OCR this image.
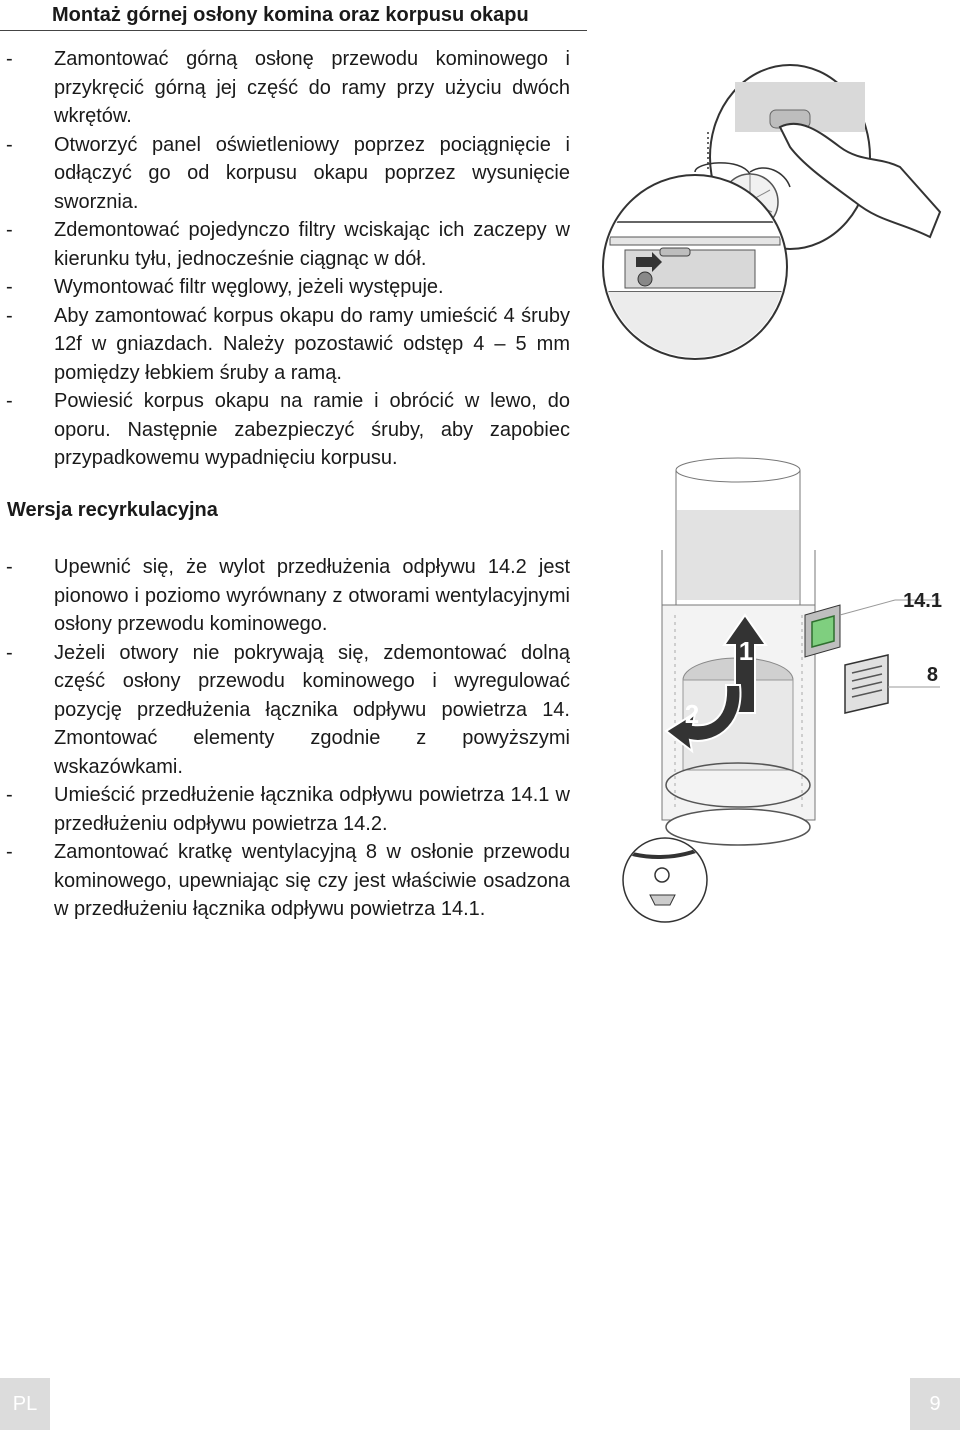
Montaż górnej osłony komina oraz korpusu okapu
- Zamontować górną osłonę przewodu kominowego i przykręcić górną jej część do ramy przy użyciu dwóch wkrętów.
- Otworzyć panel oświetleniowy poprzez pociągnięcie i odłączyć go od korpusu okapu poprzez wysunięcie sworznia.
- Zdemontować pojedynczo filtry wciskając ich zaczepy w kierunku tyłu, jednocześnie ciągnąc w dół.
- Wymontować filtr węglowy, jeżeli występuje.
- Aby zamontować korpus okapu do ramy umieścić 4 śruby 12f w gniazdach. Należy pozostawić odstęp 4 – 5 mm pomiędzy łebkiem śruby a ramą.
- Powiesić korpus okapu na ramie i obrócić w lewo, do oporu. Następnie zabezpieczyć śruby, aby zapobiec przypadkowemu wypadnięciu korpusu.
Wersja recyrkulacyjna
- Upewnić się, że wylot przedłużenia odpływu 14.2 jest pionowo i poziomo wyrównany z otworami wentylacyjnymi osłony przewodu kominowego.
- Jeżeli otwory nie pokrywają się, zdemontować dolną część osłony przewodu kominowego i wyregulować pozycję przedłużenia łącznika odpływu powietrza 14. Zmontować elementy zgodnie z powyższymi wskazówkami.
- Umieścić przedłużenie łącznika odpływu powietrza 14.1 w przedłużeniu odpływu powietrza 14.2.
- Zamontować kratkę wentylacyjną 8 w osłonie przewodu kominowego, upewniając się czy jest właściwie osadzona w przedłużeniu łącznika odpływu powietrza 14.1.
1
2
14.1
8
PL	9
